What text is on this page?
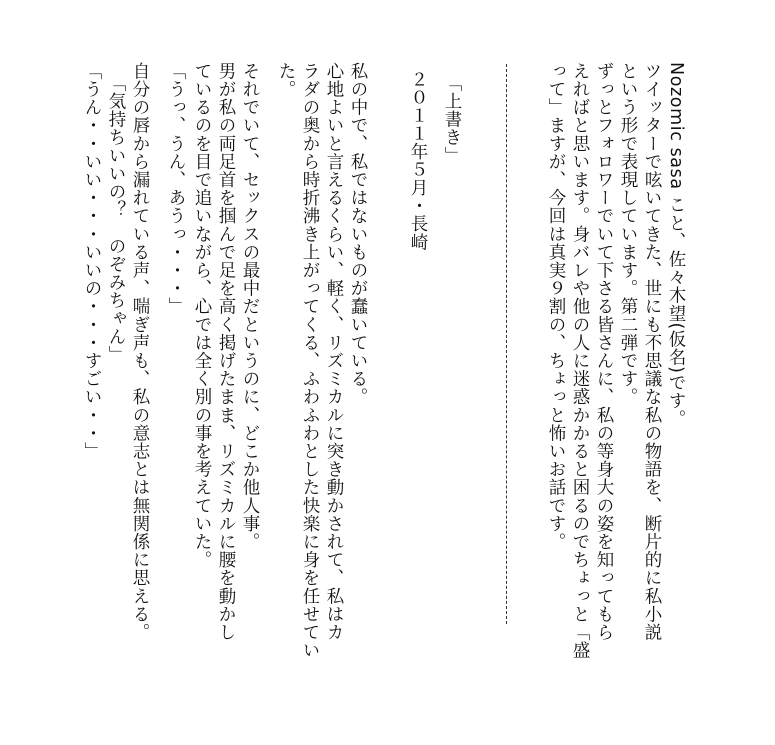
Nozomic sasa こと、佐々木望(仮名)です。
ツイッターで呟いてきた、世にも不思議な私の物語を、断片的に私小説
という形で表現しています。第二弾です。
ずっとフォロワーでいて下さる皆さんに、私の等身大の姿を知ってもら
えればと思います。身バレや他の人に迷惑かかると困るのでちょっと「盛
って」ますが、今回は真実９割の、ちょっと怖いお話です。
「上書き」
２０１１年５月・長崎
私の中で、私ではないものが蠢いている。
心地よいと言えるくらい、軽く、リズミカルに突き動かされて、私はカ
ラダの奥から時折沸き上がってくる、ふわふわとした快楽に身を任せてい
た。
それでいて、セックスの最中だというのに、どこか他人事。
男が私の両足首を掴んで足を高く掲げたまま、リズミカルに腰を動かし
ているのを目で追いながら、心では全く別の事を考えていた。
「うっ、うん、あうっ・・・」
自分の唇から漏れている声、喘ぎ声も、私の意志とは無関係に思える。
「気持ちいいの？　のぞみちゃん」
「うん・・いい・・・いいの・・・すごい・・」
